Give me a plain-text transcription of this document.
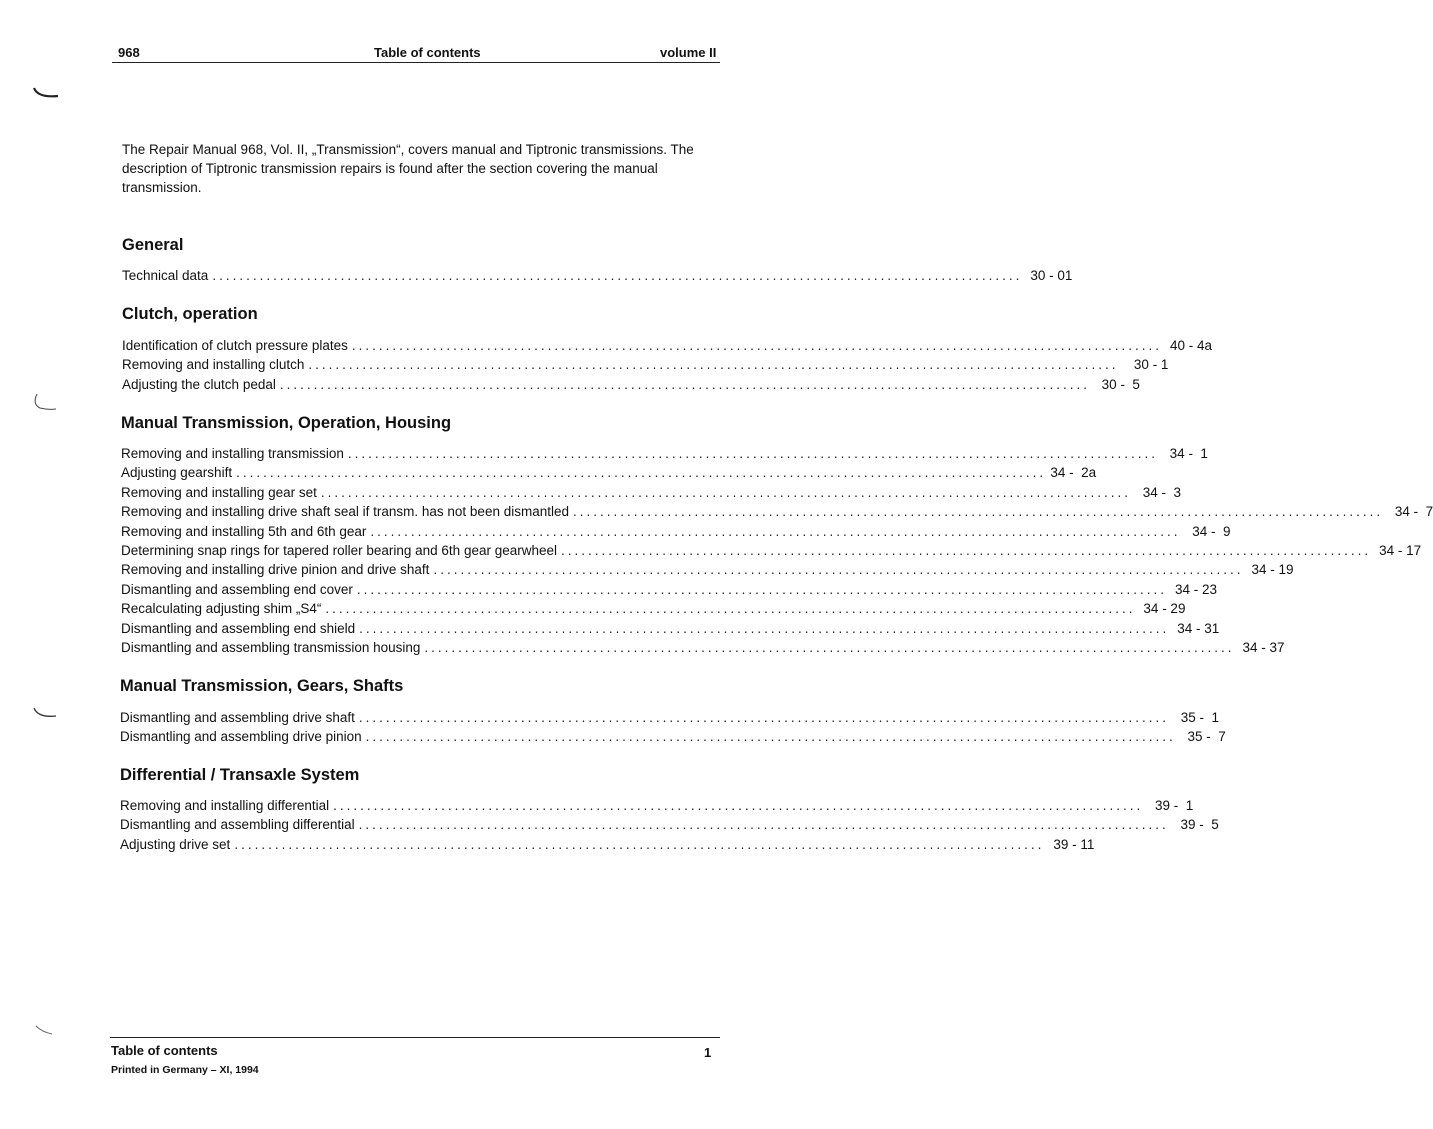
968	Table of contents	volume II
The Repair Manual 968, Vol. II, „Transmission“, covers manual and Tiptronic transmissions. The description of Tiptronic transmission repairs is found after the section covering the manual transmission.
General
Technical data ........................................................................................................................ 30 - 01
Clutch, operation
Identification of clutch pressure plates ........................................................................................................................ 40 - 4a
Removing and installing clutch ........................................................................................................................	30 - 1
Adjusting the clutch pedal ........................................................................................................................ 30 -  5
Manual Transmission, Operation, Housing
Removing and installing transmission ........................................................................................................................ 34 -  1
Adjusting gearshift ........................................................................................................................ 34 -  2a
Removing and installing gear set ........................................................................................................................ 34 -  3
Removing and installing drive shaft seal if transm. has not been dismantled ........................................................................................................................ 34 -  7
Removing and installing 5th and 6th gear ........................................................................................................................ 34 -  9
Determining snap rings for tapered roller bearing and 6th gear gearwheel ........................................................................................................................ 34 - 17
Removing and installing drive pinion and drive shaft ........................................................................................................................ 34 - 19
Dismantling and assembling end cover ........................................................................................................................ 34 - 23
Recalculating adjusting shim „S4“ ........................................................................................................................ 34 - 29
Dismantling and assembling end shield ........................................................................................................................ 34 - 31
Dismantling and assembling transmission housing ........................................................................................................................ 34 - 37
Manual Transmission, Gears, Shafts
Dismantling and assembling drive shaft ........................................................................................................................ 35 -  1
Dismantling and assembling drive pinion ........................................................................................................................ 35 -  7
Differential / Transaxle System
Removing and installing differential ........................................................................................................................ 39 -  1
Dismantling and assembling differential ........................................................................................................................ 39 -  5
Adjusting drive set ........................................................................................................................ 39 - 11
Table of contents	1
Printed in Germany – XI, 1994
